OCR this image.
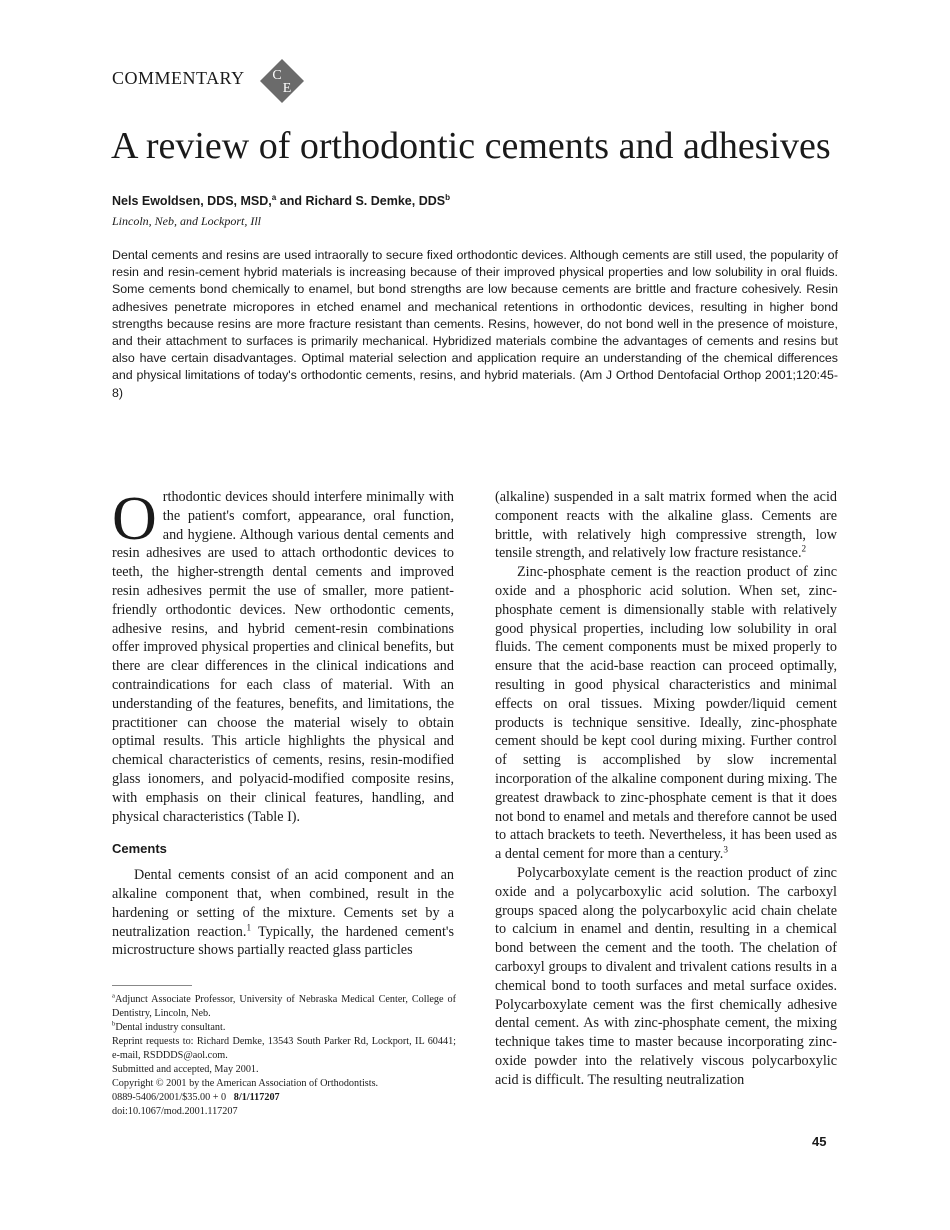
COMMENTARY C
E
A review of orthodontic cements and adhesives
Nels Ewoldsen, DDS, MSD,$^a$ and Richard S. Demke, DDS$^b$
Lincoln, Neb, and Lockport, Ill
Dental cements and resins are used intraorally to secure fixed orthodontic devices. Although cements are still used, the popularity of resin and resin-cement hybrid materials is increasing because of their improved physical properties and low solubility in oral fluids. Some cements bond chemically to enamel, but bond strengths are low because cements are brittle and fracture cohesively. Resin adhesives penetrate micropores in etched enamel and mechanical retentions in orthodontic devices, resulting in higher bond strengths because resins are more fracture resistant than cements. Resins, however, do not bond well in the presence of moisture, and their attachment to surfaces is primarily mechanical. Hybridized materials combine the advantages of cements and resins but also have certain disadvantages. Optimal material selection and application require an understanding of the chemical differences and physical limitations of today's orthodontic cements, resins, and hybrid materials. (Am J Orthod Dentofacial Orthop 2001;120:45-8)

Orthodontic devices should interfere minimally with the patient's comfort, appearance, oral function, and hygiene. Although various dental cements and resin adhesives are used to attach orthodontic devices to teeth, the higher-strength dental cements and improved resin adhesives permit the use of smaller, more patient-friendly orthodontic devices. New orthodontic cements, adhesive resins, and hybrid cement-resin combinations offer improved physical properties and clinical benefits, but there are clear differences in the clinical indications and contraindications for each class of material. With an understanding of the features, benefits, and limitations, the practitioner can choose the material wisely to obtain optimal results. This article highlights the physical and chemical characteristics of cements, resins, resin-modified glass ionomers, and polyacid-modified composite resins, with emphasis on their clinical features, handling, and physical characteristics (Table I).

Cements

Dental cements consist of an acid component and an alkaline component that, when combined, result in the hardening or setting of the mixture. Cements set by a neutralization reaction.$^1$ Typically, the hardened cement's microstructure shows partially reacted glass particles

(alkaline) suspended in a salt matrix formed when the acid component reacts with the alkaline glass. Cements are brittle, with relatively high compressive strength, low tensile strength, and relatively low fracture resistance.$^2$

Zinc-phosphate cement is the reaction product of zinc oxide and a phosphoric acid solution. When set, zinc-phosphate cement is dimensionally stable with relatively good physical properties, including low solubility in oral fluids. The cement components must be mixed properly to ensure that the acid-base reaction can proceed optimally, resulting in good physical characteristics and minimal effects on oral tissues. Mixing powder/liquid cement products is technique sensitive. Ideally, zinc-phosphate cement should be kept cool during mixing. Further control of setting is accomplished by slow incremental incorporation of the alkaline component during mixing. The greatest drawback to zinc-phosphate cement is that it does not bond to enamel and metals and therefore cannot be used to attach brackets to teeth. Nevertheless, it has been used as a dental cement for more than a century.$^3$

Polycarboxylate cement is the reaction product of zinc oxide and a polycarboxylic acid solution. The carboxyl groups spaced along the polycarboxylic acid chain chelate to calcium in enamel and dentin, resulting in a chemical bond between the cement and the tooth. The chelation of carboxyl groups to divalent and trivalent cations results in a chemical bond to tooth surfaces and metal surface oxides. Polycarboxylate cement was the first chemically adhesive dental cement. As with zinc-phosphate cement, the mixing technique takes time to master because incorporating zinc-oxide powder into the relatively viscous polycarboxylic acid is difficult. The resulting neutralization

$^a$Adjunct Associate Professor, University of Nebraska Medical Center, College of Dentistry, Lincoln, Neb.

$^b$Dental industry consultant.

Reprint requests to: Richard Demke, 13543 South Parker Rd, Lockport, IL 60441; e-mail, RSDDDS@aol.com.

Submitted and accepted, May 2001.

Copyright © 2001 by the American Association of Orthodontists.

0889-5406/2001/$35.00 + 0 8/1/117207

doi:10.1067/mod.2001.117207

45
